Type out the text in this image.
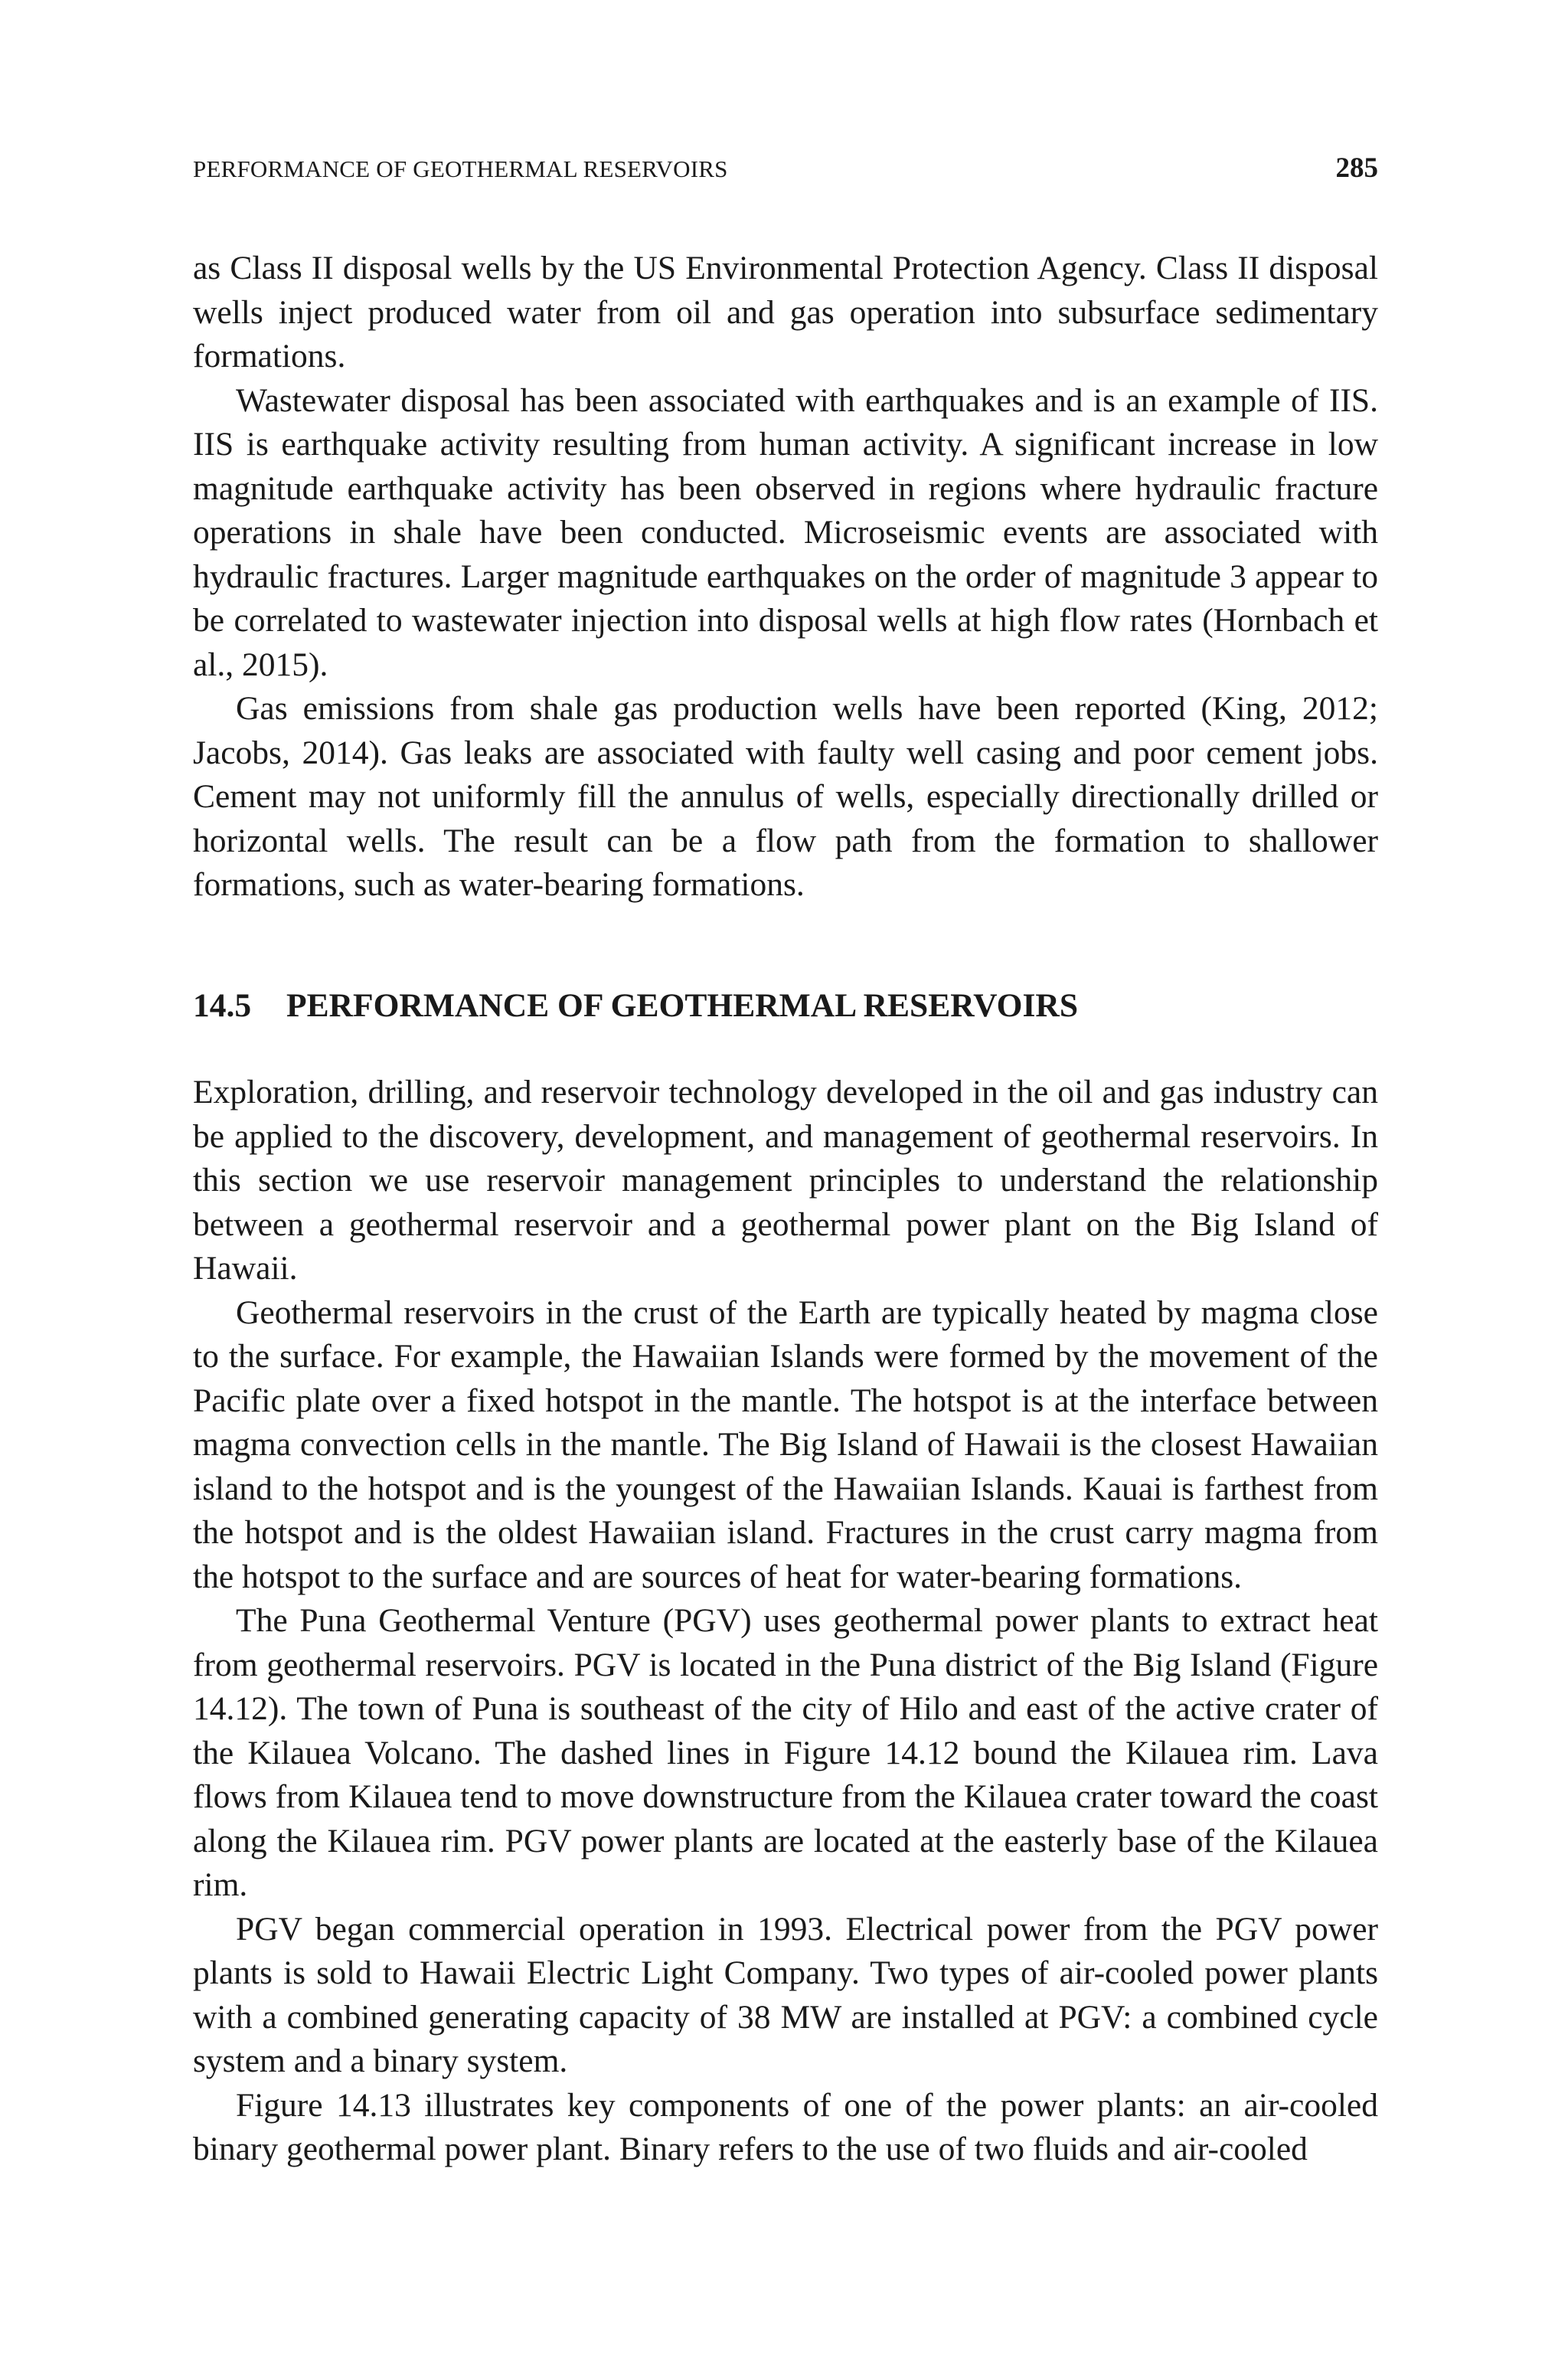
PERFORMANCE OF GEOTHERMAL RESERVOIRS	285

as Class II disposal wells by the US Environmental Protection Agency. Class II disposal wells inject produced water from oil and gas operation into subsurface sedimentary formations.

Wastewater disposal has been associated with earthquakes and is an example of IIS. IIS is earthquake activity resulting from human activity. A significant increase in low magnitude earthquake activity has been observed in regions where hydraulic fracture operations in shale have been conducted. Microseismic events are associated with hydraulic fractures. Larger magnitude earthquakes on the order of magnitude 3 appear to be correlated to wastewater injection into disposal wells at high flow rates (Hornbach et al., 2015).

Gas emissions from shale gas production wells have been reported (King, 2012; Jacobs, 2014). Gas leaks are associated with faulty well casing and poor cement jobs. Cement may not uniformly fill the annulus of wells, especially directionally drilled or horizontal wells. The result can be a flow path from the formation to shallower formations, such as water-bearing formations.

14.5	PERFORMANCE OF GEOTHERMAL RESERVOIRS

Exploration, drilling, and reservoir technology developed in the oil and gas industry can be applied to the discovery, development, and management of geothermal reservoirs. In this section we use reservoir management principles to understand the relationship between a geothermal reservoir and a geothermal power plant on the Big Island of Hawaii.

Geothermal reservoirs in the crust of the Earth are typically heated by magma close to the surface. For example, the Hawaiian Islands were formed by the movement of the Pacific plate over a fixed hotspot in the mantle. The hotspot is at the interface between magma convection cells in the mantle. The Big Island of Hawaii is the closest Hawaiian island to the hotspot and is the youngest of the Hawaiian Islands. Kauai is farthest from the hotspot and is the oldest Hawaiian island. Fractures in the crust carry magma from the hotspot to the surface and are sources of heat for water-bearing formations.

The Puna Geothermal Venture (PGV) uses geothermal power plants to extract heat from geothermal reservoirs. PGV is located in the Puna district of the Big Island (Figure 14.12). The town of Puna is southeast of the city of Hilo and east of the active crater of the Kilauea Volcano. The dashed lines in Figure 14.12 bound the Kilauea rim. Lava flows from Kilauea tend to move downstructure from the Kilauea crater toward the coast along the Kilauea rim. PGV power plants are located at the easterly base of the Kilauea rim.

PGV began commercial operation in 1993. Electrical power from the PGV power plants is sold to Hawaii Electric Light Company. Two types of air-cooled power plants with a combined generating capacity of 38 MW are installed at PGV: a combined cycle system and a binary system.

Figure 14.13 illustrates key components of one of the power plants: an air-cooled binary geothermal power plant. Binary refers to the use of two fluids and air-cooled
